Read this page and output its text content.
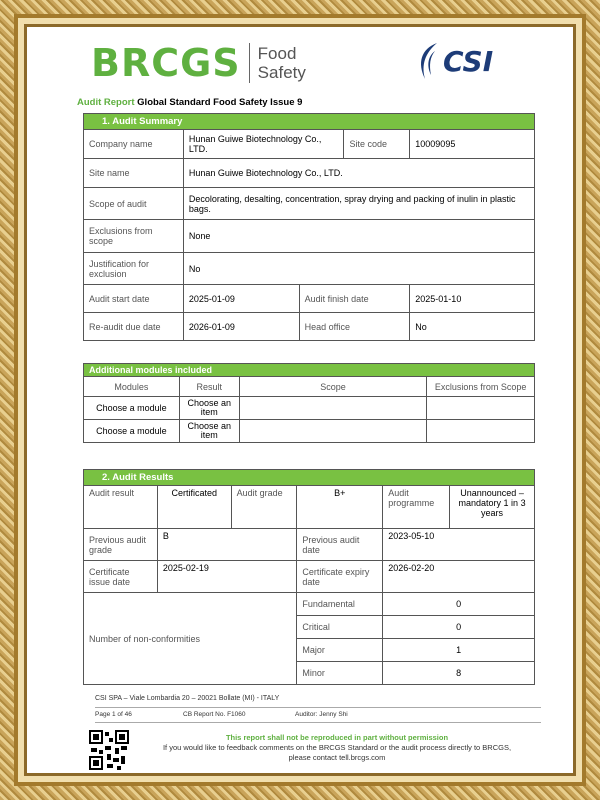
BRCGS Food
Safety	CSI
Audit Report Global Standard Food Safety Issue 9
1. Audit Summary				
Company name	Hunan Guiwe Biotechnology Co., LTD.		Site code	10009095
Site name	Hunan Guiwe Biotechnology Co., LTD.			
Scope of audit	Decolorating, desalting, concentration, spray drying and packing of inulin in plastic bags.			
Exclusions from scope	None			
Justification for exclusion	No			
Audit start date	2025-01-09	Audit finish date		2025-01-10
Re-audit due date	2026-01-09	Head office		No
Additional modules included			
Modules	Result	Scope	Exclusions from Scope
Choose a module	Choose an item		
Choose a module	Choose an item		
2. Audit Results					
Audit result	Certificated	Audit grade	B+	Audit programme	Unannounced – mandatory 1 in 3 years
Previous audit grade	B		Previous audit date	2023-05-10	
Certificate issue date	2025-02-19		Certificate expiry date	2026-02-20	
Number of non-conformities			Fundamental	0	
			Critical	0	
			Major	1	
			Minor	8	
CSI SPA – Viale Lombardia 20 – 20021 Bollate (MI) - ITALY
Page 1 of 46	CB Report No. F1060	Auditor: Jenny Shi
This report shall not be reproduced in part without permission
If you would like to feedback comments on the BRCGS Standard or the audit process directly to BRCGS,
please contact tell.brcgs.com
